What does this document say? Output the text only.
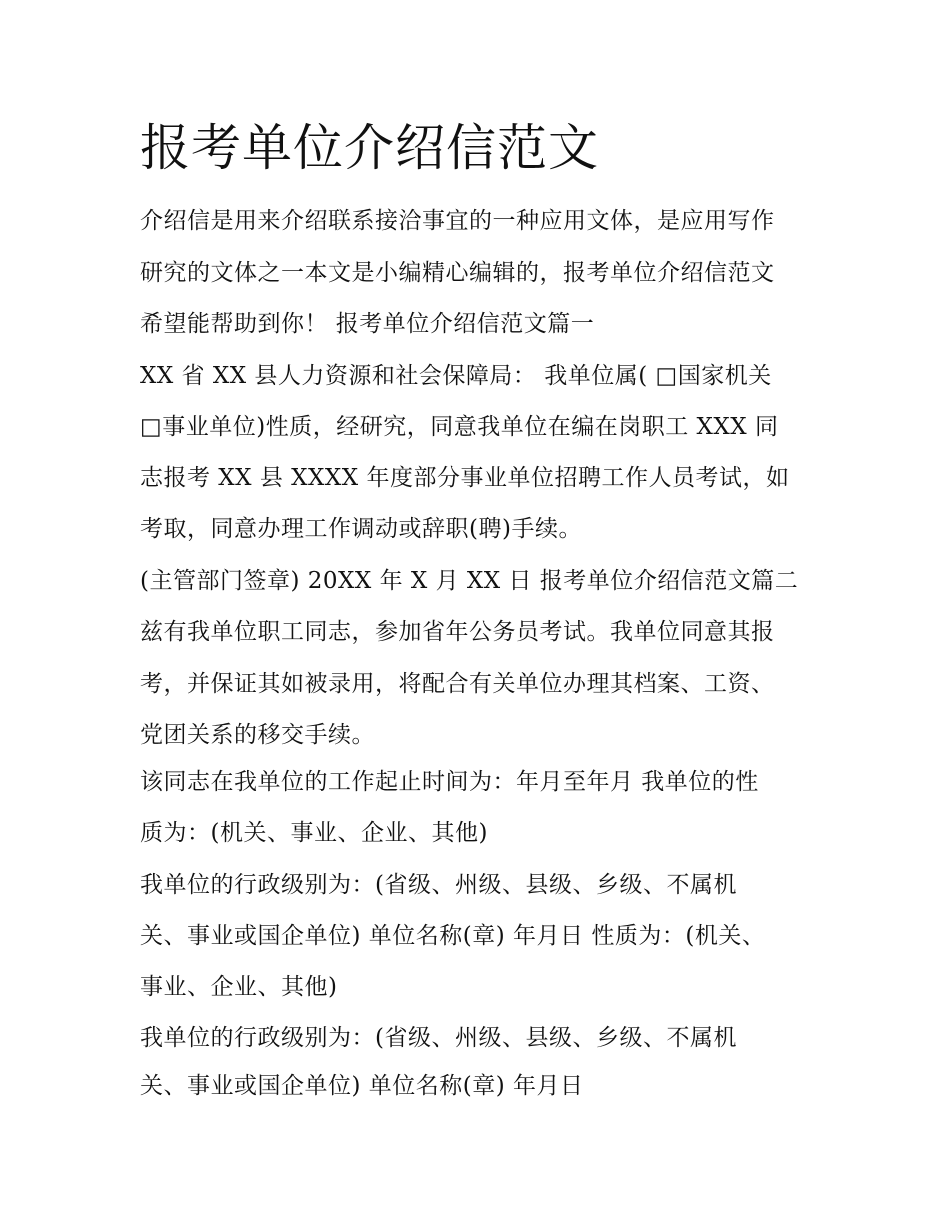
报考单位介绍信范文

介绍信是用来介绍联系接洽事宜的一种应用文体，是应用写作

研究的文体之一本文是小编精心编辑的，报考单位介绍信范文

希望能帮助到你！ 报考单位介绍信范文篇一

XX 省 XX 县人力资源和社会保障局： 我单位属( □国家机关

□事业单位)性质，经研究，同意我单位在编在岗职工 XXX 同

志报考 XX 县 XXXX 年度部分事业单位招聘工作人员考试，如

考取，同意办理工作调动或辞职(聘)手续。

(主管部门签章) 20XX 年 X 月 XX 日 报考单位介绍信范文篇二

兹有我单位职工同志，参加省年公务员考试。我单位同意其报

考，并保证其如被录用，将配合有关单位办理其档案、工资、

党团关系的移交手续。

该同志在我单位的工作起止时间为：年月至年月 我单位的性

质为：(机关、事业、企业、其他)

我单位的行政级别为：(省级、州级、县级、乡级、不属机

关、事业或国企单位) 单位名称(章) 年月日 性质为：(机关、

事业、企业、其他)

我单位的行政级别为：(省级、州级、县级、乡级、不属机

关、事业或国企单位) 单位名称(章) 年月日
